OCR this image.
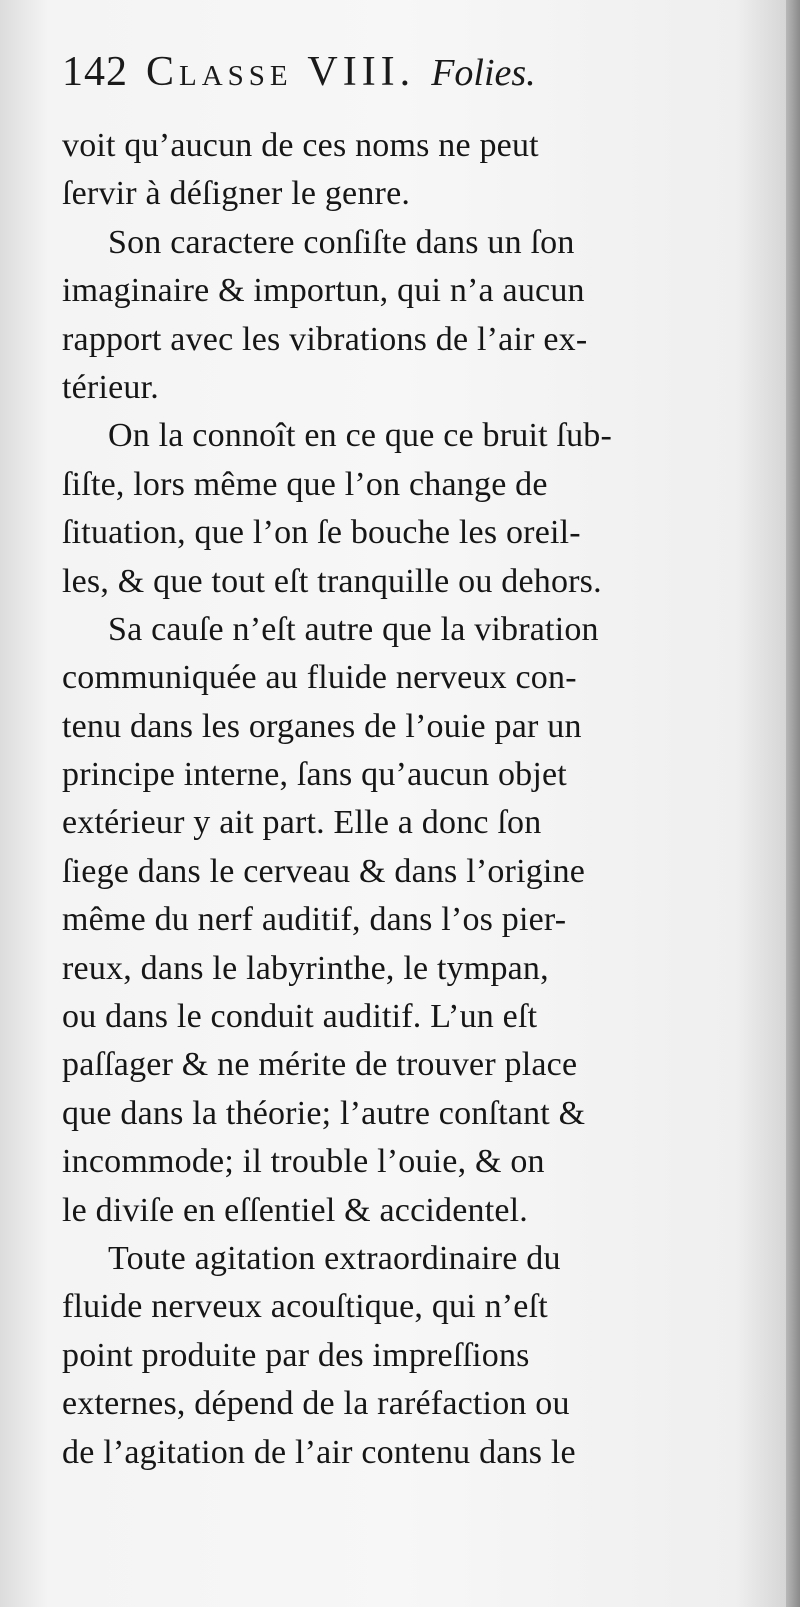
142 Classe VIII. Folies.
voit qu’aucun de ces noms ne peut
ſervir à déſigner le genre.
Son caractere conſiſte dans un ſon
imaginaire & importun, qui n’a aucun
rapport avec les vibrations de l’air ex-
térieur.
On la connoît en ce que ce bruit ſub-
ſiſte, lors même que l’on change de
ſituation, que l’on ſe bouche les oreil-
les, & que tout eſt tranquille ou dehors.
Sa cauſe n’eſt autre que la vibration
communiquée au fluide nerveux con-
tenu dans les organes de l’ouie par un
principe interne, ſans qu’aucun objet
extérieur y ait part. Elle a donc ſon
ſiege dans le cerveau & dans l’origine
même du nerf auditif, dans l’os pier-
reux, dans le labyrinthe, le tympan,
ou dans le conduit auditif. L’un eſt
paſſager & ne mérite de trouver place
que dans la théorie; l’autre conſtant &
incommode; il trouble l’ouie, & on
le diviſe en eſſentiel & accidentel.
Toute agitation extraordinaire du
fluide nerveux acouſtique, qui n’eſt
point produite par des impreſſions
externes, dépend de la raréfaction ou
de l’agitation de l’air contenu dans le
